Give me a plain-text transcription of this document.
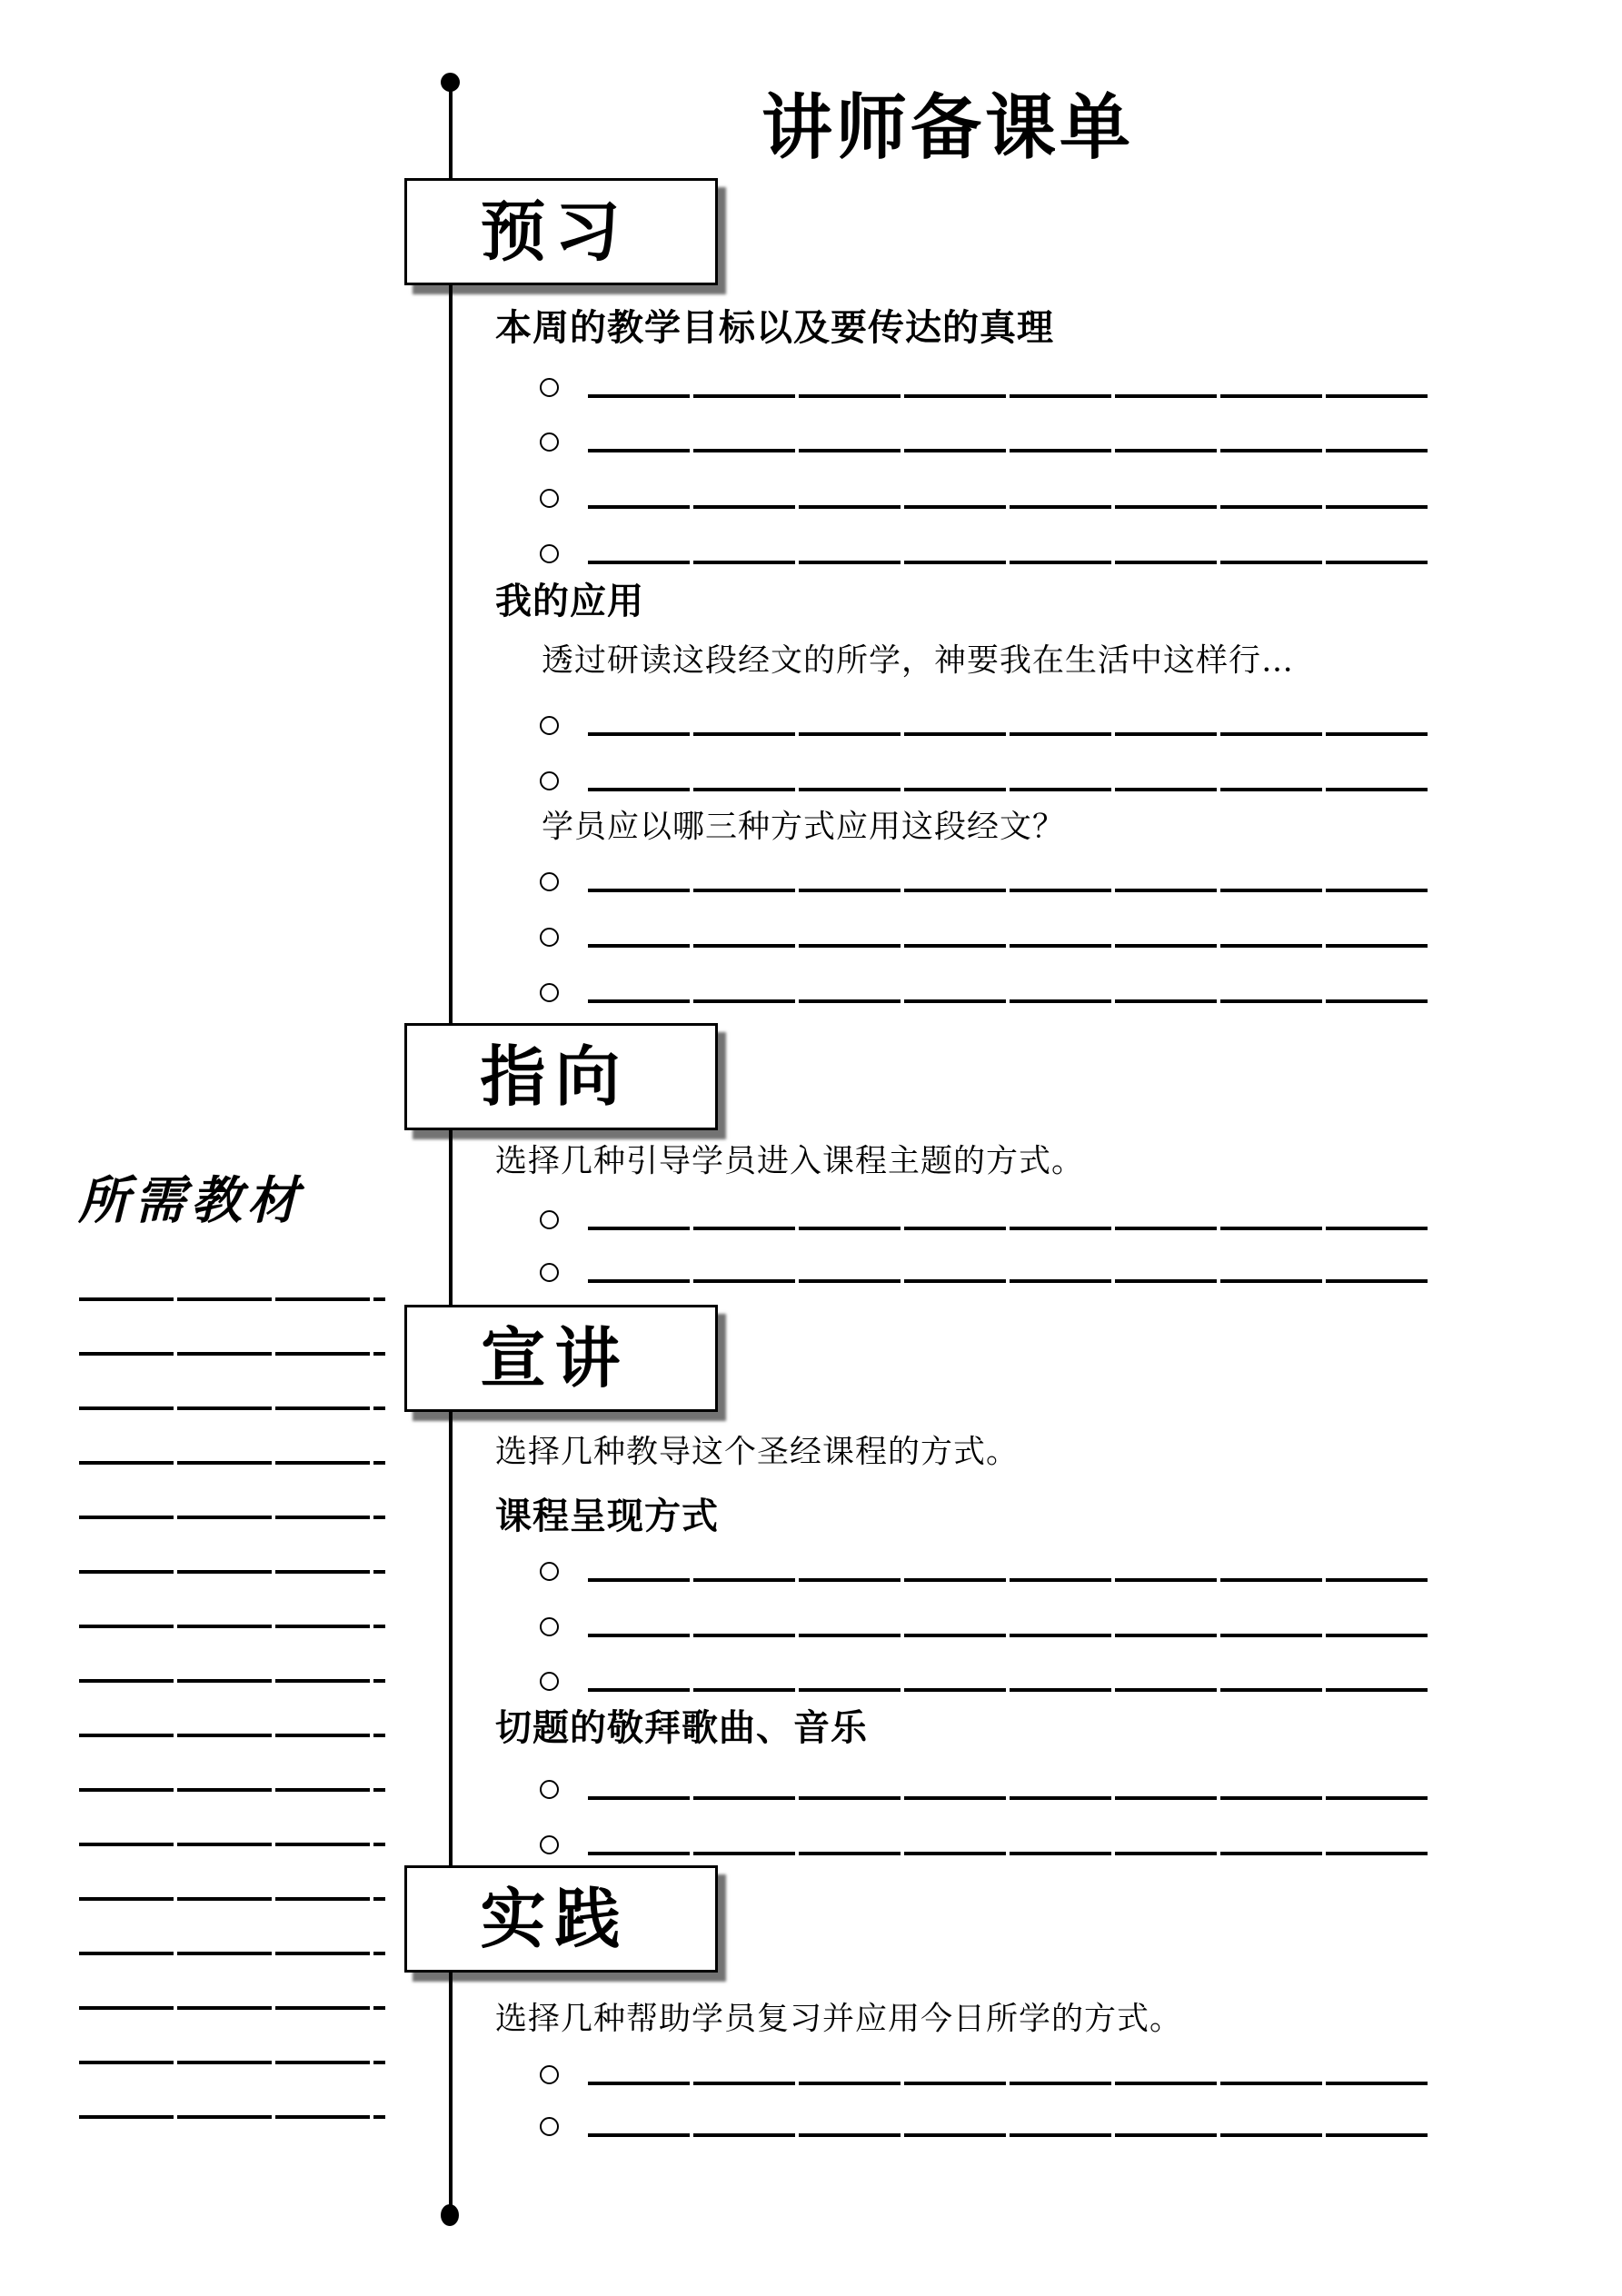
讲师备课单
预习
指向
宣讲
实践
本周的教学目标以及要传达的真理
我的应用
透过研读这段经文的所学，神要我在生活中这样行…
学员应以哪三种方式应用这段经文？
选择几种引导学员进入课程主题的方式。
选择几种教导这个圣经课程的方式。
课程呈现方式
切题的敬拜歌曲、音乐
选择几种帮助学员复习并应用今日所学的方式。
所需教材
